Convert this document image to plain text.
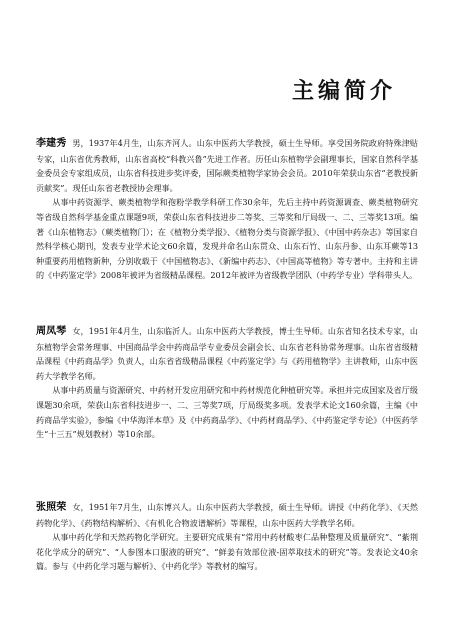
主编简介

李建秀 男，1937年4月生，山东齐河人。山东中医药大学教授，硕士生导师。享受国务院政府特殊津贴专家，山东省优秀教师，山东省高校“科教兴鲁”先进工作者。历任山东植物学会副理事长，国家自然科学基金委员会专家组成员，山东省科技进步奖评委，国际蕨类植物学家协会会员。2010年荣获山东省“老教授新贡献奖”。现任山东省老教授协会理事。

从事中药资源学、蕨类植物学和孢粉学教学科研工作30余年，先后主持中药资源调查、蕨类植物研究等省级自然科学基金重点课题9项，荣获山东省科技进步二等奖、三等奖和厅局级一、二、三等奖13项。编著《山东植物志》（蕨类植物门）；在《植物分类学报》、《植物分类与资源学报》、《中国中药杂志》等国家自然科学核心期刊，发表专业学术论文60余篇，发现并命名山东贯众、山东石竹、山东丹参、山东耳蕨等13种重要药用植物新种，分别收载于《中国植物志》、《新编中药志》、《中国高等植物》等专著中。主持和主讲的《中药鉴定学》2008年被评为省级精品课程。2012年被评为省级教学团队（中药学专业）学科带头人。

周凤琴 女，1951年4月生，山东临沂人。山东中医药大学教授，博士生导师。山东省知名技术专家，山东植物学会常务理事、中国商品学会中药商品学专业委员会副会长、山东省老科协常务理事。山东省省级精品课程《中药商品学》负责人，山东省省级精品课程《中药鉴定学》与《药用植物学》主讲教师，山东中医药大学教学名师。

从事中药质量与资源研究、中药材开发应用研究和中药材规范化种植研究等。承担并完成国家及省厅级课题30余项，荣获山东省科技进步一、二、三等奖7项，厅局级奖多项。发表学术论文160余篇，主编《中药商品学实验》，参编《中华海洋本草》及《中药商品学》、《中药材商品学》、《中药鉴定学专论》（中医药学生“十三五”规划教材）等10余部。

张照荣 女，1951年7月生，山东博兴人。山东中医药大学教授，硕士生导师。讲授《中药化学》、《天然药物化学》、《药物结构解析》、《有机化合物波谱解析》等课程，山东中医药大学教学名师。

从事中药化学和天然药物化学研究。主要研究成果有“常用中药材酸枣仁品种整理及质量研究”、“紫荆花化学成分的研究”、“人参图本口服液的研究”、“鲜姜有效部位液-固萃取技术的研究”等。发表论文40余篇。参与《中药化学习题与解析》、《中药化学》等教材的编写。
